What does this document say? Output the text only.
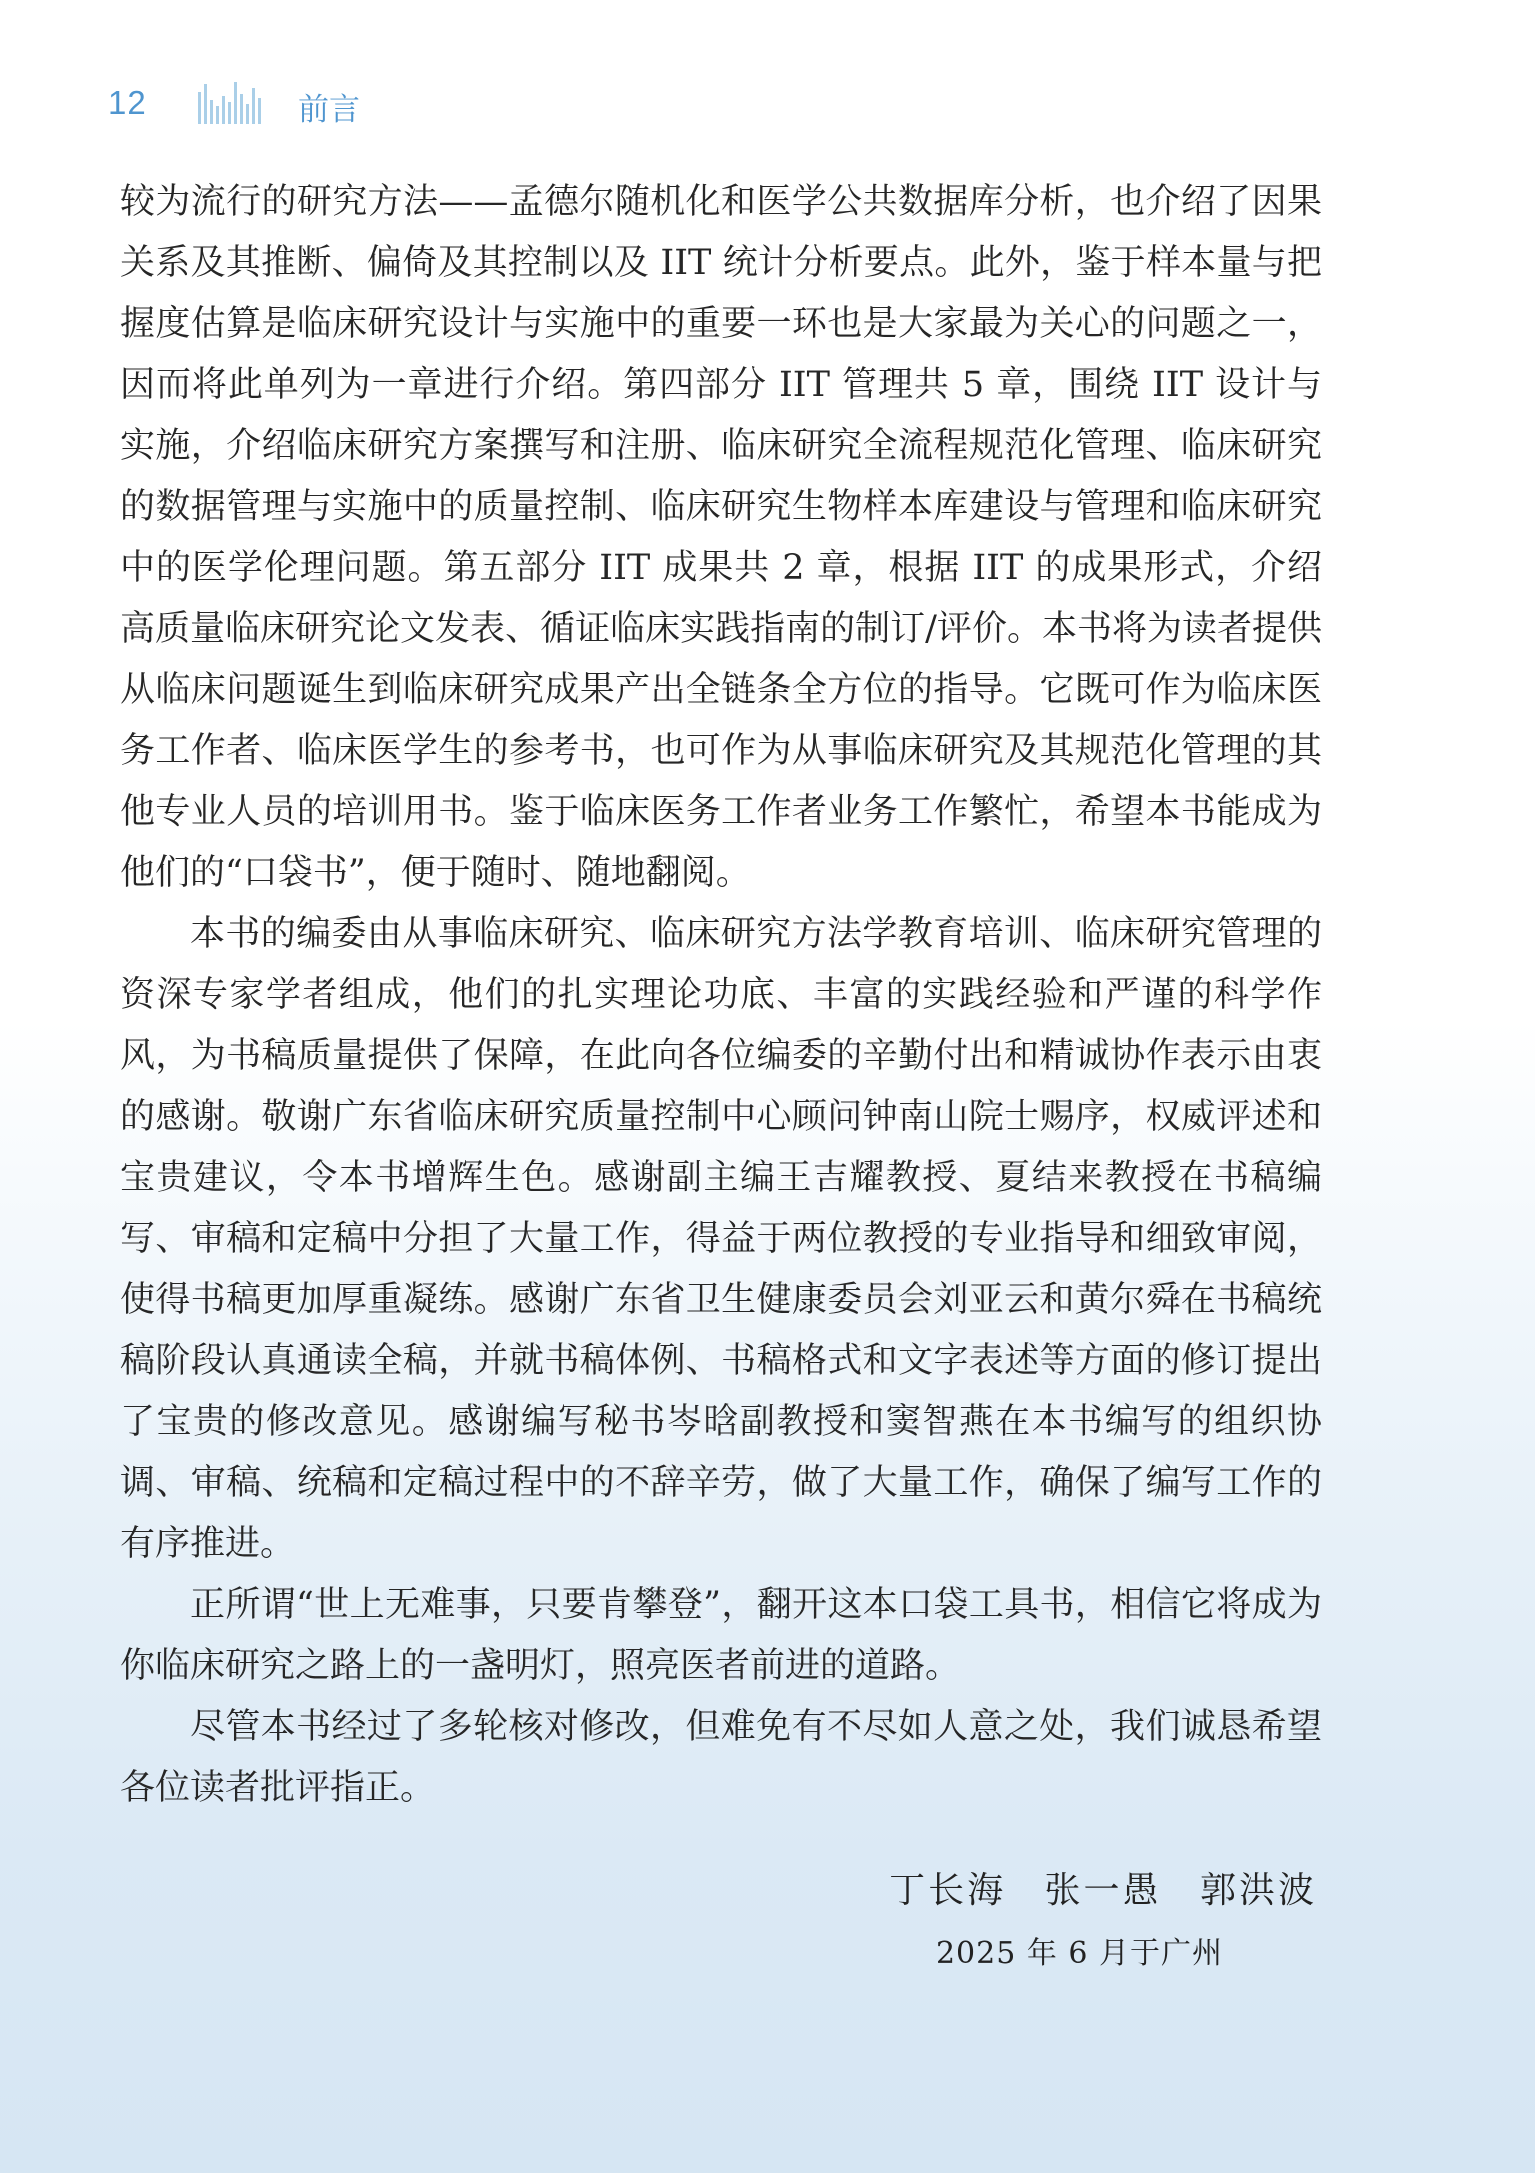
12	前言

较为流行的研究方法——孟德尔随机化和医学公共数据库分析，也介绍了因果关系及其推断、偏倚及其控制以及 IIT 统计分析要点。此外，鉴于样本量与把握度估算是临床研究设计与实施中的重要一环也是大家最为关心的问题之一，因而将此单列为一章进行介绍。第四部分 IIT 管理共 5 章，围绕 IIT 设计与实施，介绍临床研究方案撰写和注册、临床研究全流程规范化管理、临床研究的数据管理与实施中的质量控制、临床研究生物样本库建设与管理和临床研究中的医学伦理问题。第五部分 IIT 成果共 2 章，根据 IIT 的成果形式，介绍高质量临床研究论文发表、循证临床实践指南的制订/评价。本书将为读者提供从临床问题诞生到临床研究成果产出全链条全方位的指导。它既可作为临床医务工作者、临床医学生的参考书，也可作为从事临床研究及其规范化管理的其他专业人员的培训用书。鉴于临床医务工作者业务工作繁忙，希望本书能成为他们的“口袋书”，便于随时、随地翻阅。

本书的编委由从事临床研究、临床研究方法学教育培训、临床研究管理的资深专家学者组成，他们的扎实理论功底、丰富的实践经验和严谨的科学作风，为书稿质量提供了保障，在此向各位编委的辛勤付出和精诚协作表示由衷的感谢。敬谢广东省临床研究质量控制中心顾问钟南山院士赐序，权威评述和宝贵建议，令本书增辉生色。感谢副主编王吉耀教授、夏结来教授在书稿编写、审稿和定稿中分担了大量工作，得益于两位教授的专业指导和细致审阅，使得书稿更加厚重凝练。感谢广东省卫生健康委员会刘亚云和黄尔舜在书稿统稿阶段认真通读全稿，并就书稿体例、书稿格式和文字表述等方面的修订提出了宝贵的修改意见。感谢编写秘书岑晗副教授和窦智燕在本书编写的组织协调、审稿、统稿和定稿过程中的不辞辛劳，做了大量工作，确保了编写工作的有序推进。

正所谓“世上无难事，只要肯攀登”，翻开这本口袋工具书，相信它将成为你临床研究之路上的一盏明灯，照亮医者前进的道路。

尽管本书经过了多轮核对修改，但难免有不尽如人意之处，我们诚恳希望各位读者批评指正。

丁长海 张一愚 郭洪波
2025 年 6 月于广州
